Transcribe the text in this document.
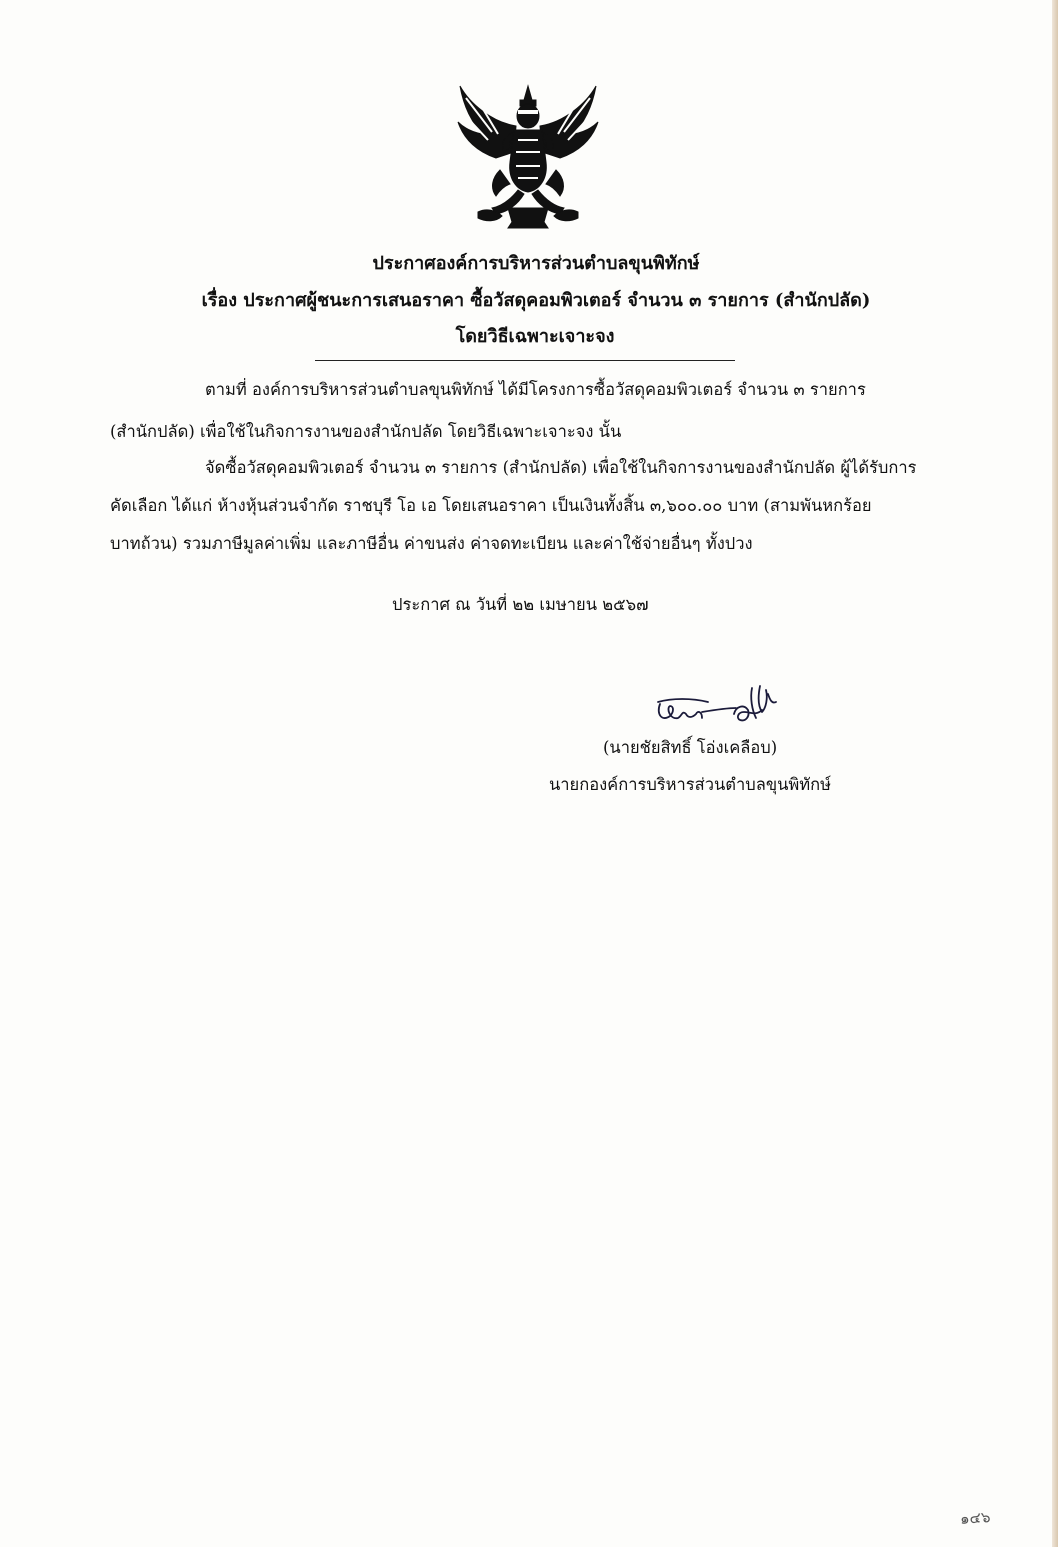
ประกาศองค์การบริหารส่วนตำบลขุนพิทักษ์
เรื่อง ประกาศผู้ชนะการเสนอราคา ซื้อวัสดุคอมพิวเตอร์ จำนวน ๓ รายการ (สำนักปลัด)
โดยวิธีเฉพาะเจาะจง
ตามที่ องค์การบริหารส่วนตำบลขุนพิทักษ์ ได้มีโครงการซื้อวัสดุคอมพิวเตอร์ จำนวน ๓ รายการ
(สำนักปลัด) เพื่อใช้ในกิจการงานของสำนักปลัด โดยวิธีเฉพาะเจาะจง นั้น
จัดซื้อวัสดุคอมพิวเตอร์ จำนวน ๓ รายการ (สำนักปลัด) เพื่อใช้ในกิจการงานของสำนักปลัด ผู้ได้รับการ
คัดเลือก ได้แก่ ห้างหุ้นส่วนจำกัด ราชบุรี โอ เอ โดยเสนอราคา เป็นเงินทั้งสิ้น ๓,๖๐๐.๐๐ บาท (สามพันหกร้อย
บาทถ้วน) รวมภาษีมูลค่าเพิ่ม และภาษีอื่น ค่าขนส่ง ค่าจดทะเบียน และค่าใช้จ่ายอื่นๆ ทั้งปวง
ประกาศ ณ วันที่ ๒๒ เมษายน ๒๕๖๗
(นายชัยสิทธิ์ โอ่งเคลือบ)
นายกองค์การบริหารส่วนตำบลขุนพิทักษ์
๑๔๖
